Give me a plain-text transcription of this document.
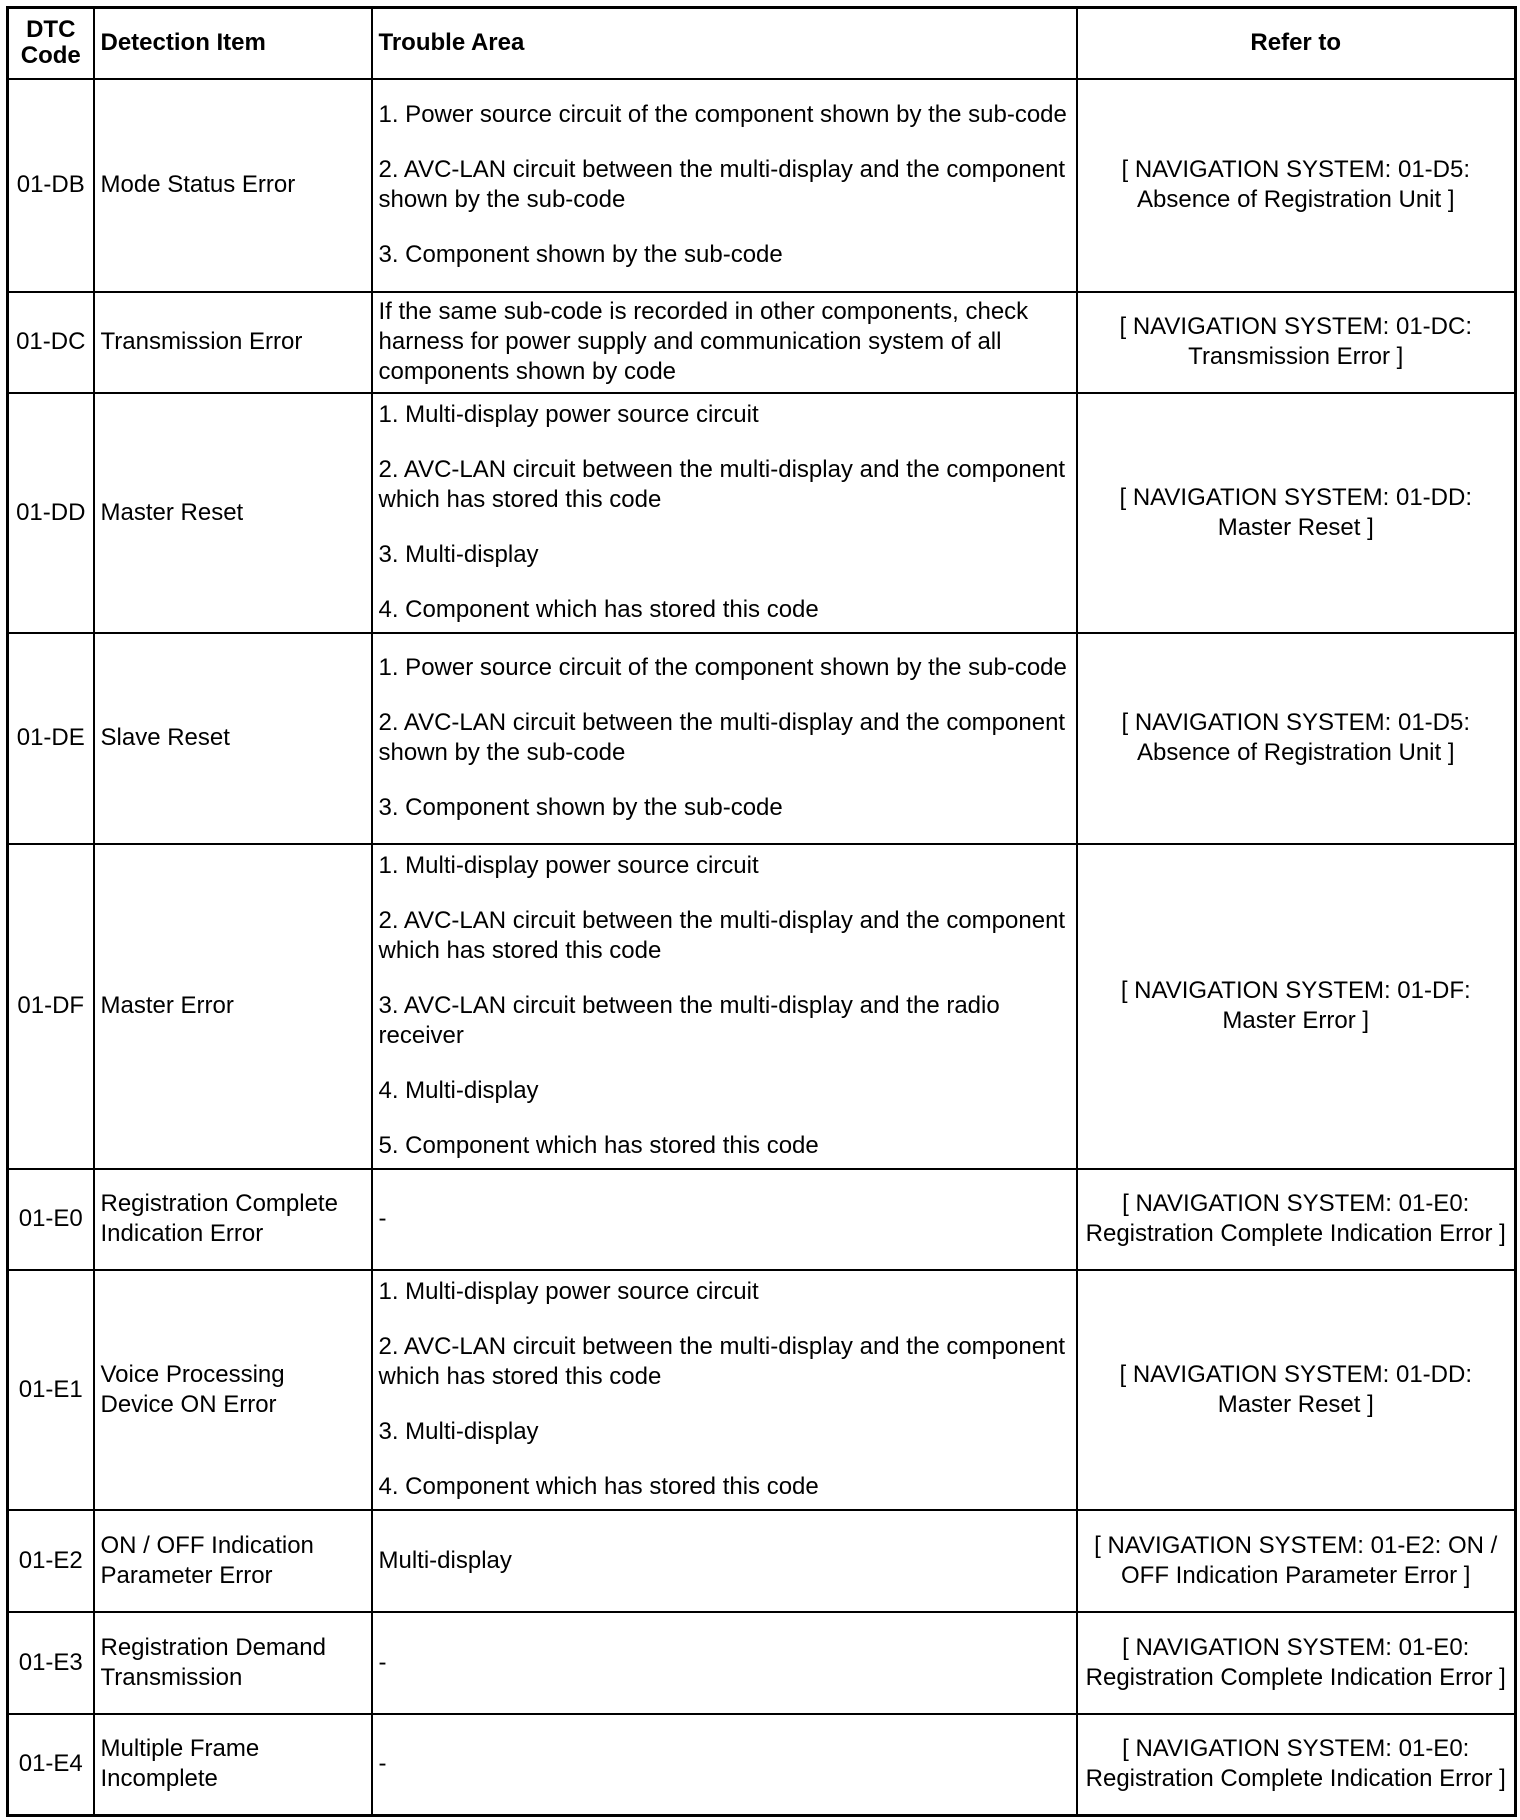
DTC Code	Detection Item	Trouble Area	Refer to
01-DB	Mode Status Error	1. Power source circuit of the component shown by the sub-code

2. AVC-LAN circuit between the multi-display and the component shown by the sub-code

3. Component shown by the sub-code	[ NAVIGATION SYSTEM: 01-D5: Absence of Registration Unit ]
01-DC	Transmission Error	If the same sub-code is recorded in other components, check harness for power supply and communication system of all components shown by code	[ NAVIGATION SYSTEM: 01-DC: Transmission Error ]
01-DD	Master Reset	1. Multi-display power source circuit

2. AVC-LAN circuit between the multi-display and the component which has stored this code

3. Multi-display

4. Component which has stored this code	[ NAVIGATION SYSTEM: 01-DD: Master Reset ]
01-DE	Slave Reset	1. Power source circuit of the component shown by the sub-code

2. AVC-LAN circuit between the multi-display and the component shown by the sub-code

3. Component shown by the sub-code	[ NAVIGATION SYSTEM: 01-D5: Absence of Registration Unit ]
01-DF	Master Error	1. Multi-display power source circuit

2. AVC-LAN circuit between the multi-display and the component which has stored this code

3. AVC-LAN circuit between the multi-display and the radio receiver

4. Multi-display

5. Component which has stored this code	[ NAVIGATION SYSTEM: 01-DF: Master Error ]
01-E0	Registration Complete Indication Error	-	[ NAVIGATION SYSTEM: 01-E0: Registration Complete Indication Error ]
01-E1	Voice Processing Device ON Error	1. Multi-display power source circuit

2. AVC-LAN circuit between the multi-display and the component which has stored this code

3. Multi-display

4. Component which has stored this code	[ NAVIGATION SYSTEM: 01-DD: Master Reset ]
01-E2	ON / OFF Indication Parameter Error	Multi-display	[ NAVIGATION SYSTEM: 01-E2: ON / OFF Indication Parameter Error ]
01-E3	Registration Demand Transmission	-	[ NAVIGATION SYSTEM: 01-E0: Registration Complete Indication Error ]
01-E4	Multiple Frame Incomplete	-	[ NAVIGATION SYSTEM: 01-E0: Registration Complete Indication Error ]
